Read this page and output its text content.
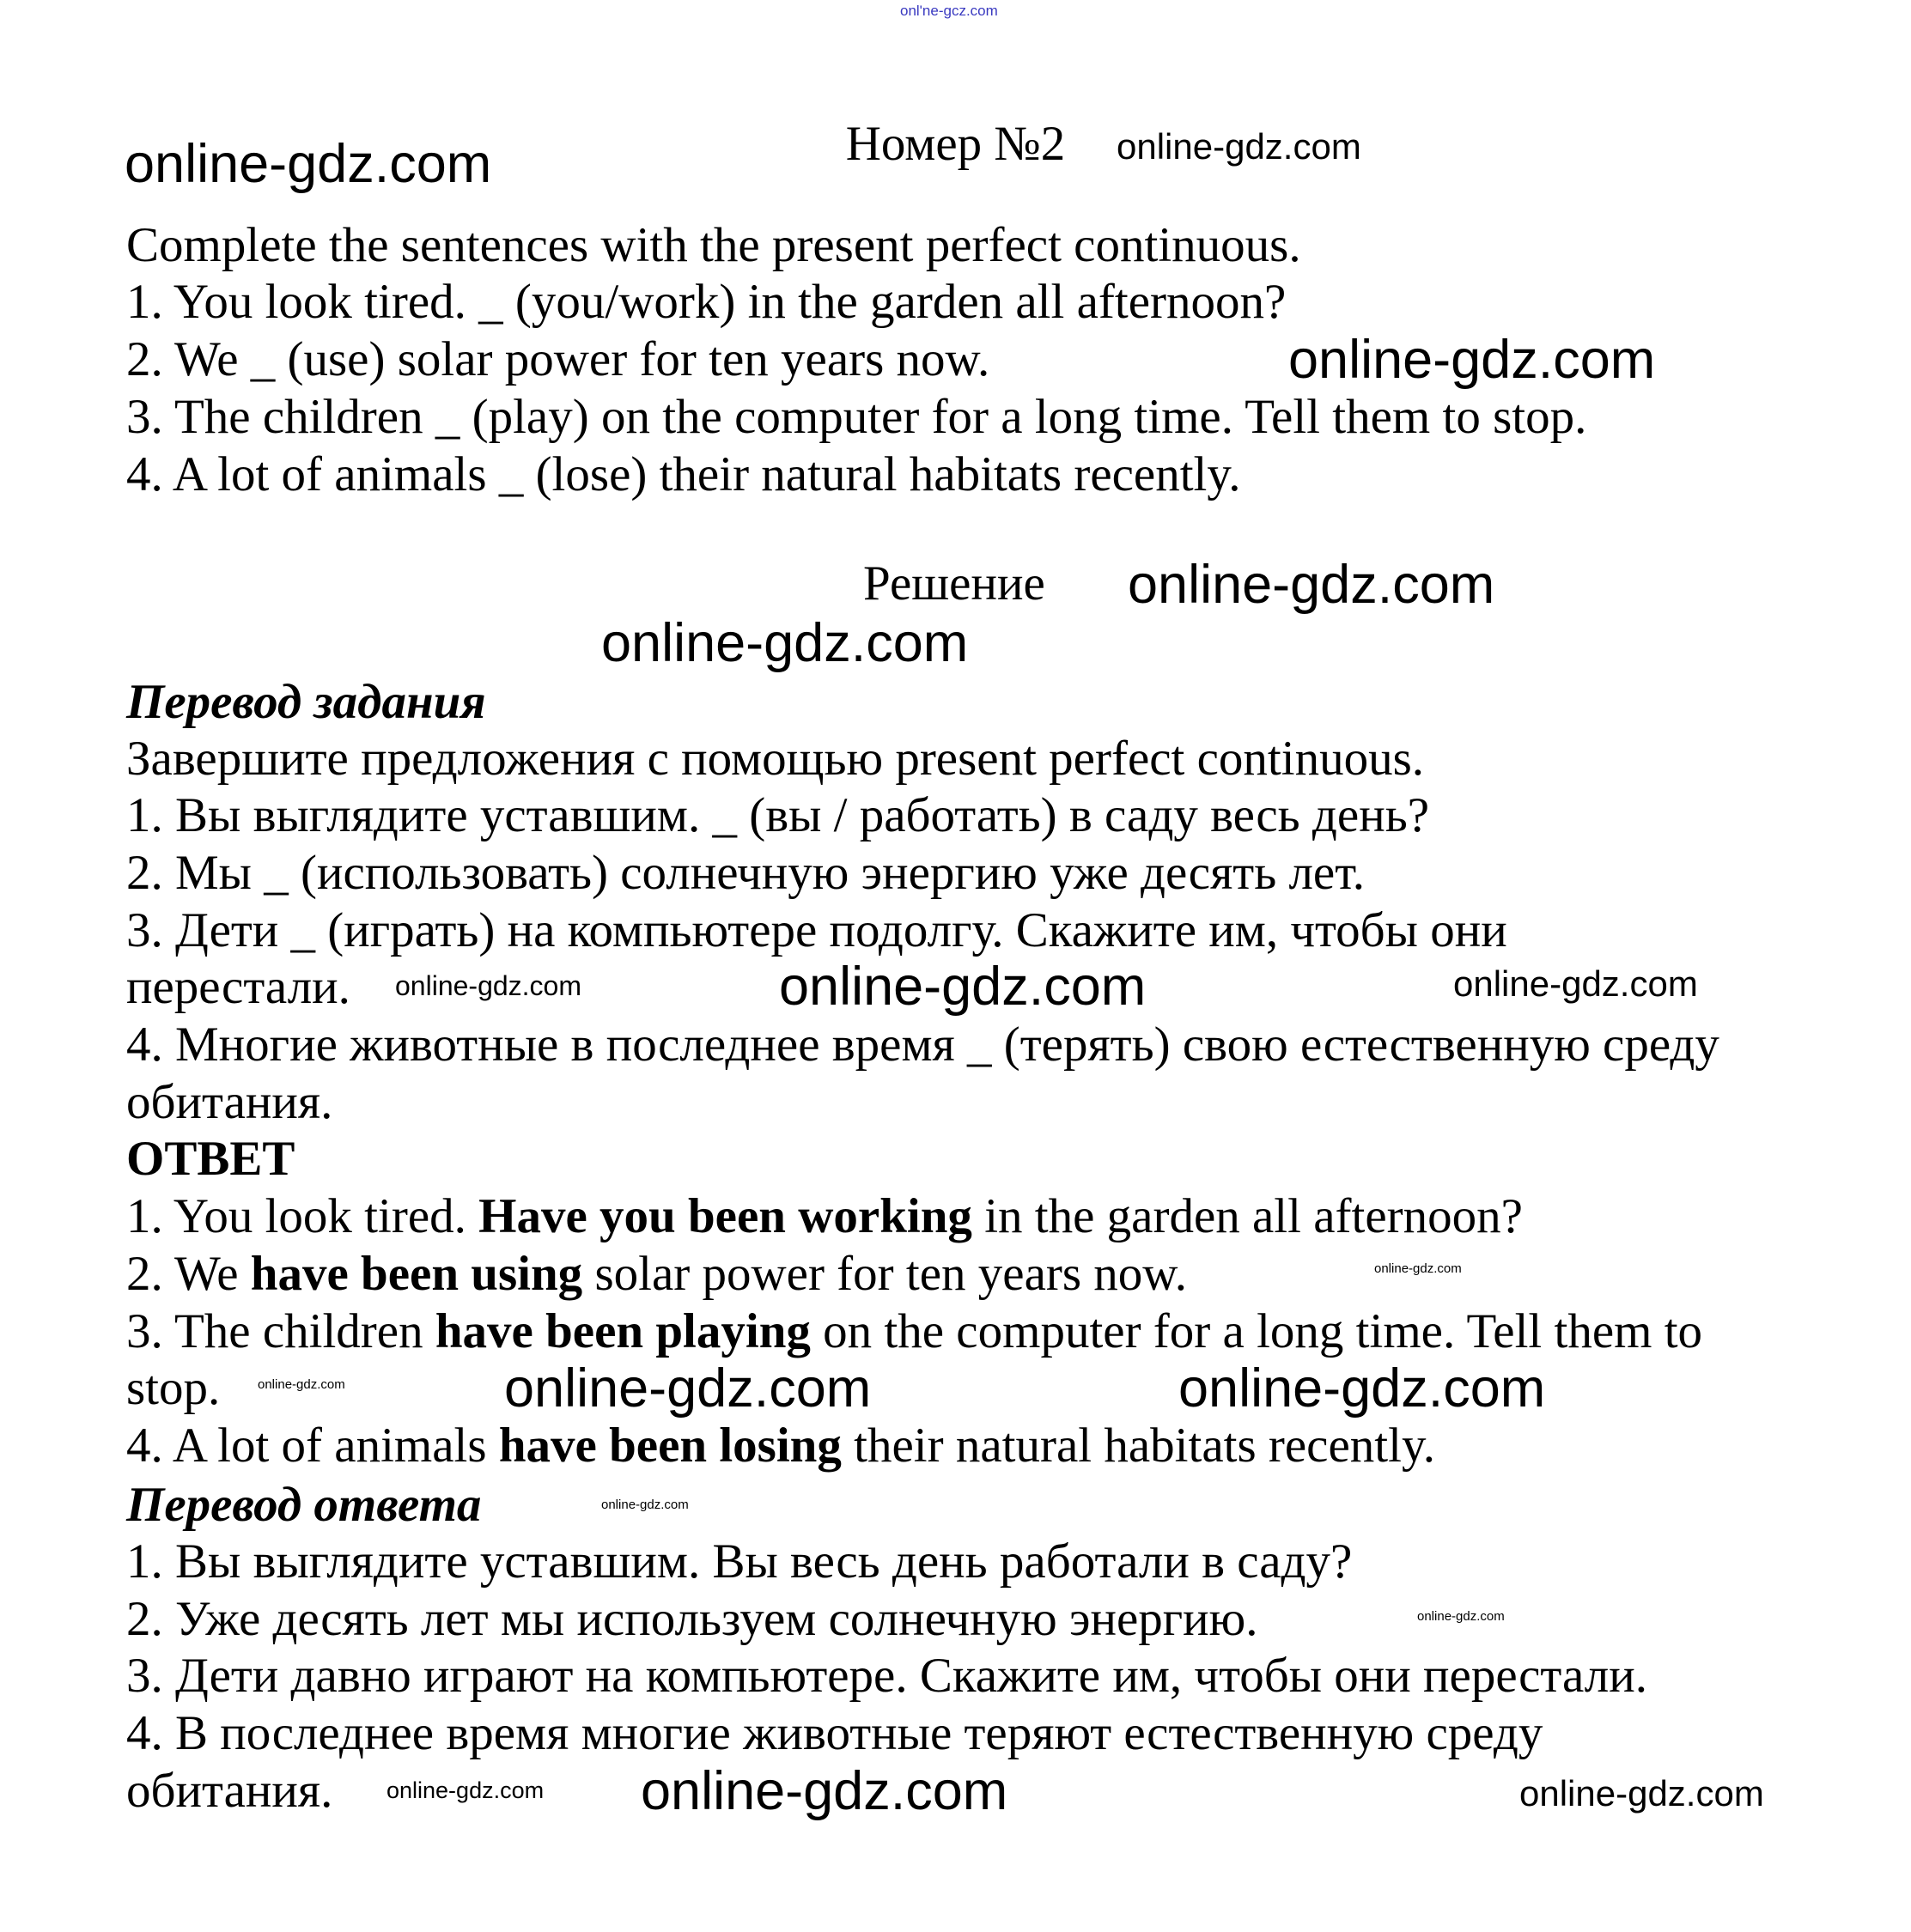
onl'ne-gcz.com
Номер №2
Complete the sentences with the present perfect continuous.
1. You look tired. _ (you/work) in the garden all afternoon?
2. We _ (use) solar power for ten years now.
3. The children _ (play) on the computer for a long time. Tell them to stop.
4. A lot of animals _ (lose) their natural habitats recently.
Решение
Перевод задания
Завершите предложения с помощью present perfect continuous.
1. Вы выглядите уставшим. _ (вы / работать) в саду весь день?
2. Мы _ (использовать) солнечную энергию уже десять лет.
3. Дети _ (играть) на компьютере подолгу. Скажите им, чтобы они
перестали.
4. Многие животные в последнее время _ (терять) свою естественную среду
обитания.
ОТВЕТ
1. You look tired. Have you been working in the garden all afternoon?
2. We have been using solar power for ten years now.
3. The children have been playing on the computer for a long time. Tell them to
stop.
4. A lot of animals have been losing their natural habitats recently.
Перевод ответа
1. Вы выглядите уставшим. Вы весь день работали в саду?
2. Уже десять лет мы используем солнечную энергию.
3. Дети давно играют на компьютере. Скажите им, чтобы они перестали.
4. В последнее время многие животные теряют естественную среду
обитания.
online-gdz.com	online-gdz.com
online-gdz.com
online-gdz.com
online-gdz.com
online-gdz.com
online-gdz.com
online-gdz.com
online-gdz.com
online-gdz.com	online-gdz.com	online-gdz.com
online-gdz.com
online-gdz.com
online-gdz.com online-gdz.com	online-gdz.com
